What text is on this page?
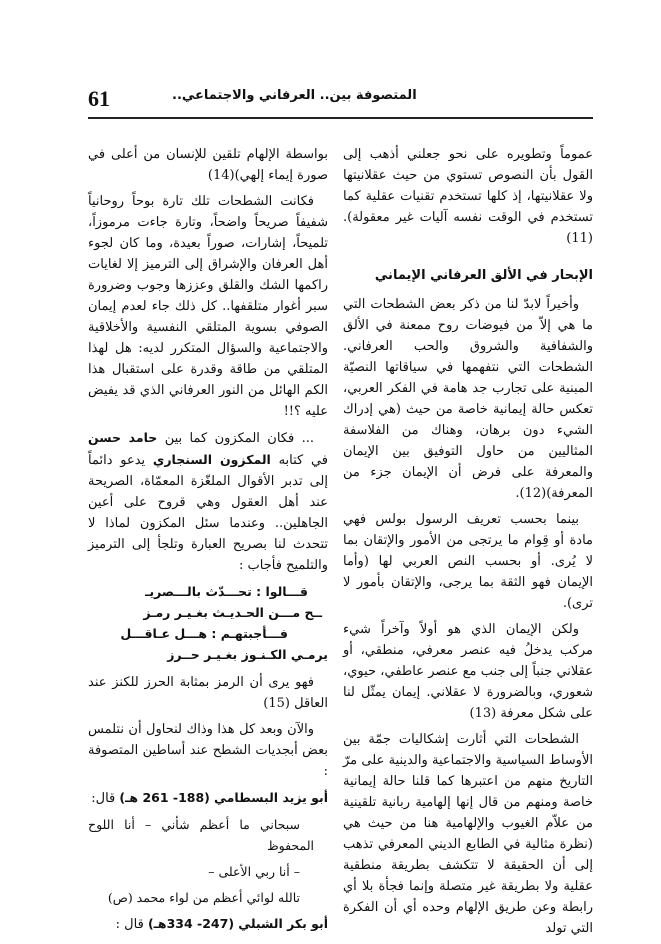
61	المتصوفة بين.. العرفاني والاجتماعي..

عموماً وتطويره على نحو جعلني أذهب إلى القول بأن النصوص تستوي من حيث عقلانيتها ولا عقلانيتها، إذ كلها تستخدم تقنيات عقلية كما تستخدم في الوقت نفسه آليات غير معقولة).(11)

الإبحار في الألق العرفاني الإيماني

وأخيراً لابدّ لنا من ذكر بعض الشطحات التي ما هي إلاّ من فيوضات روح ممعنة في الألق والشفافية والشروق والحب العرفاني. الشطحات التي نتفهمها في سياقاتها النصيّة المبنية على تجارب جد هامة في الفكر العربي، تعكس حالة إيمانية خاصة من حيث (هي إدراك الشيء دون برهان، وهناك من الفلاسفة المثاليين من حاول التوفيق بين الإيمان والمعرفة على فرض أن الإيمان جزء من المعرفة)(12).

بينما بحسب تعريف الرسول بولس فهي مادة أو قِوام ما يرتجى من الأمور والإتقان بما لا يُرى. أو بحسب النص العربي لها (وأما الإيمان فهو الثقة بما يرجى، والإتقان بأمور لا ترى).

ولكن الإيمان الذي هو أولاً وآخراً شيء مركب يدخلُ فيه عنصر معرفي، منطقي، أو عقلاني جنباً إلى جنب مع عنصر عاطفي، حيوي، شعوري، وبالضرورة لا عقلاني. إيمان يمثّل لنا على شكل معرفة (13)

الشطحات التي أثارت إشكاليات جمّة بين الأوساط السياسية والاجتماعية والدينية على مرّ التاريخ منهم من اعتبرها كما قلنا حالة إيمانية خاصة ومنهم من قال إنها إلهامية ربانية تلقينية من علاّم الغيوب والإلهامية هنا من حيث هي (نظرة مثالية في الطابع الديني المعرفي تذهب إلى أن الحقيقة لا تتكشف بطريقة منطقية عقلية ولا بطريقة غير متصلة وإنما فجأة بلا أي رابطة وعن طريق الإلهام وحده أي أن الفكرة التي تولد

بواسطة الإلهام تلقين للإنسان من أعلى في صورة إيماء إلهي)(14)

فكانت الشطحات تلك تارة بوحاً روحانياً شفيفاً صريحاً واضحاً، وتارة جاءت مرموزاً، تلميحاً، إشارات، صوراً بعيدة، وما كان لجوء أهل العرفان والإشراق إلى الترميز إلا لغايات راكمها الشك والقلق وعززها وجوب وضرورة سبر أغوار متلقفها.. كل ذلك جاء لعدم إيمان الصوفي بسوية المتلقي النفسية والأخلاقية والاجتماعية والسؤال المتكرر لديه: هل لهذا المتلقي من طاقة وقدرة على استقبال هذا الكم الهائل من النور العرفاني الذي قد يفيض عليه ؟!!

... فكان المكزون كما بين حامد حسن في كتابه المكزون السنجاري يدعو دائماً إلى تدبر الأقوال الملغّزة المعمّاة، الصريحة عند أهل العقول وهي قروح على أعين الجاهلين.. وعندما سئل المكزون لماذا لا تتحدث لنا بصريح العبارة وتلجأ إلى الترميز والتلميح فأجاب :

قـــالوا : تحـــدّث بالـــصريـ
ــح مـــن الحـديـث بغـيـر رمـز
فـــأجبتهـم : هـــل عـاقـــل
يرمـي الكـنـوز بغـيـر حــرز

فهو يرى أن الرمز بمثابة الحرز للكنز عند العاقل (15)

والآن وبعد كل هذا وذاك لنحاول أن نتلمس بعض أبجديات الشطح عند أساطين المتصوفة :

أبو يزيد البسطامي (188- 261 هـ) قال:

سبحاني ما أعظم شأني – أنا اللوح المحفوظ

– أنا ربي الأعلى –

تالله لوائي أعظم من لواء محمد (ص)

أبو بكر الشبلي (247- 334هـ) قال :
